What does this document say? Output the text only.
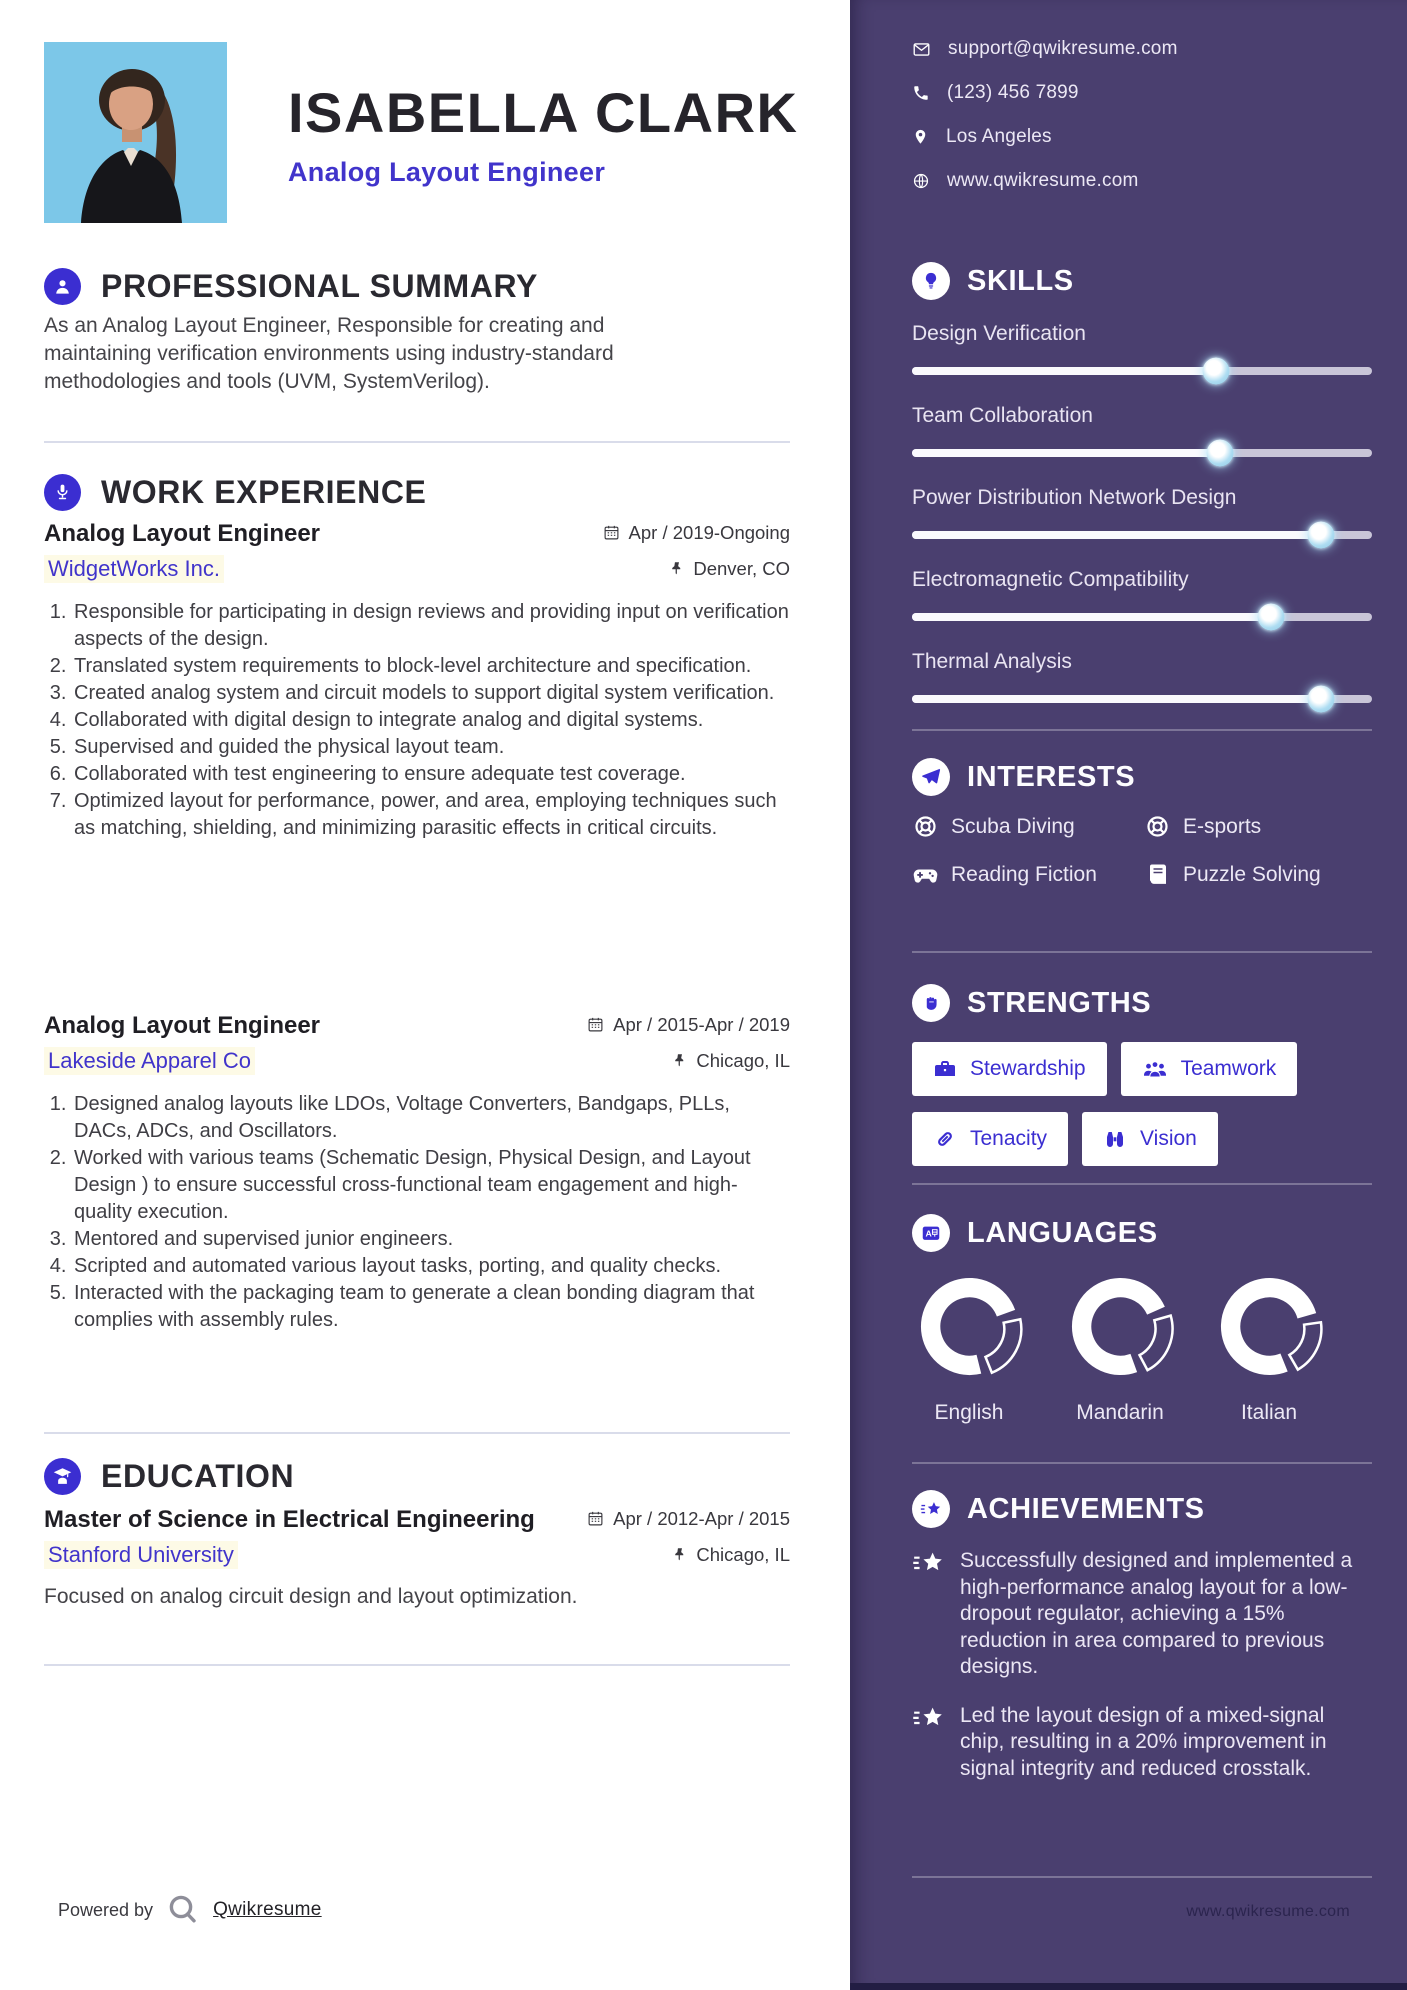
ISABELLA CLARK
Analog Layout Engineer
PROFESSIONAL SUMMARY
As an Analog Layout Engineer, Responsible for creating and maintaining verification environments using industry-standard methodologies and tools (UVM, SystemVerilog).
WORK EXPERIENCE
Analog Layout Engineer	Apr / 2019-Ongoing
WidgetWorks Inc.	Denver, CO
1. Responsible for participating in design reviews and providing input on verification aspects of the design.
2. Translated system requirements to block-level architecture and specification.
3. Created analog system and circuit models to support digital system verification.
4. Collaborated with digital design to integrate analog and digital systems.
5. Supervised and guided the physical layout team.
6. Collaborated with test engineering to ensure adequate test coverage.
7. Optimized layout for performance, power, and area, employing techniques such as matching, shielding, and minimizing parasitic effects in critical circuits.
Analog Layout Engineer	Apr / 2015-Apr / 2019
Lakeside Apparel Co	Chicago, IL
1. Designed analog layouts like LDOs, Voltage Converters, Bandgaps, PLLs, DACs, ADCs, and Oscillators.
2. Worked with various teams (Schematic Design, Physical Design, and Layout Design ) to ensure successful cross-functional team engagement and high-quality execution.
3. Mentored and supervised junior engineers.
4. Scripted and automated various layout tasks, porting, and quality checks.
5. Interacted with the packaging team to generate a clean bonding diagram that complies with assembly rules.
EDUCATION
Master of Science in Electrical Engineering	Apr / 2012-Apr / 2015
Stanford University	Chicago, IL
Focused on analog circuit design and layout optimization.
Powered by	Qwikresume
support@qwikresume.com
(123) 456 7899
Los Angeles
www.qwikresume.com
SKILLS
Design Verification
Team Collaboration
Power Distribution Network Design
Electromagnetic Compatibility
Thermal Analysis
INTERESTS
Scuba Diving	E-sports
Reading Fiction	Puzzle Solving
STRENGTHS
Stewardship	Teamwork
Tenacity	Vision
A LANGUAGES
English	Mandarin	Italian
ACHIEVEMENTS
Successfully designed and implemented a high-performance analog layout for a low-dropout regulator, achieving a 15% reduction in area compared to previous designs.
Led the layout design of a mixed-signal chip, resulting in a 20% improvement in signal integrity and reduced crosstalk.
www.qwikresume.com
